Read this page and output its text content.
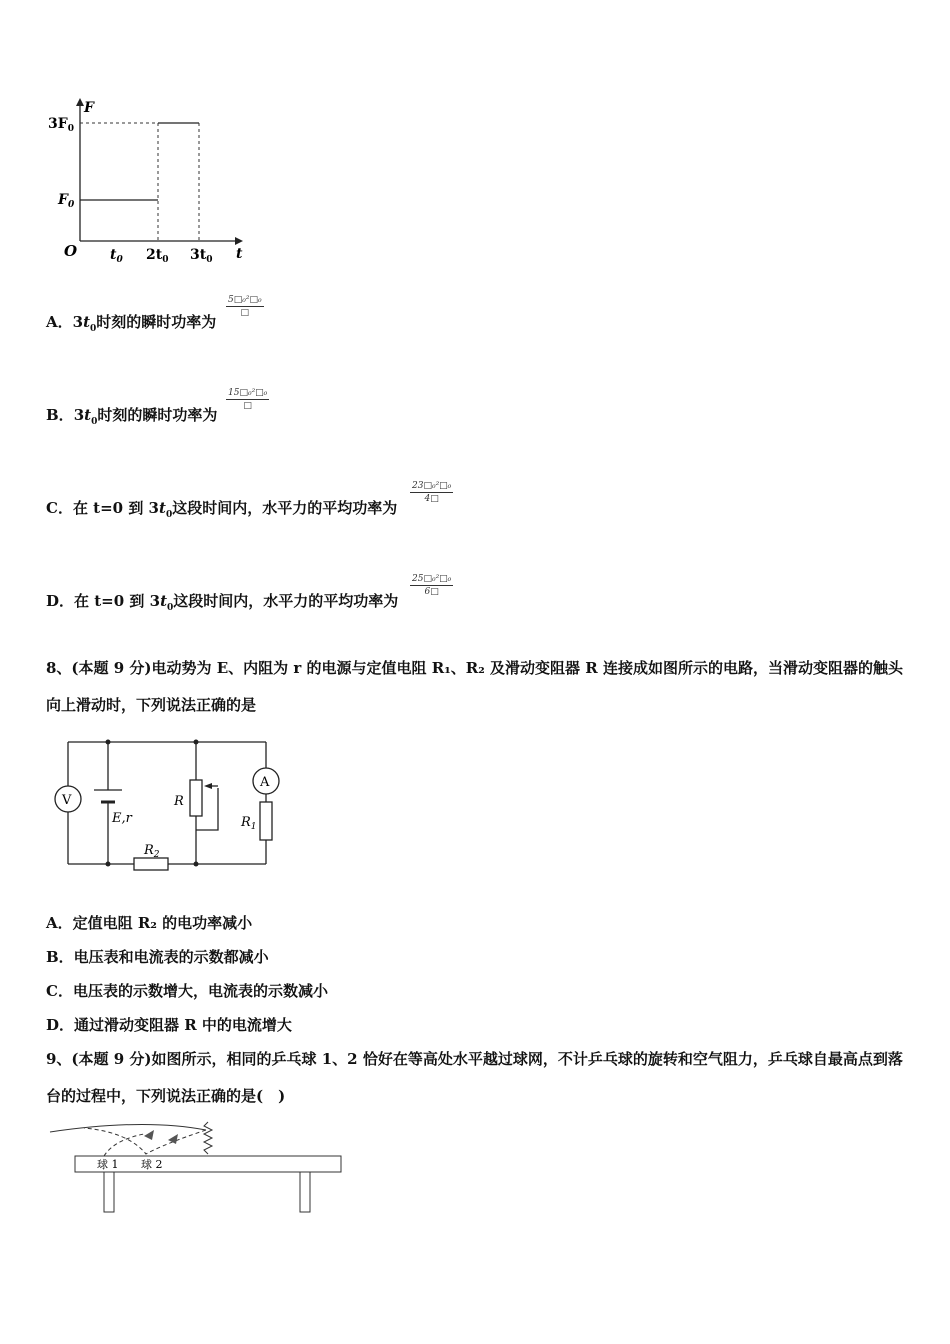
F
t
O
$3F_0$
$F_0$
$t_0$ $2t_0$ $3t_0$
A．$3t_0$时刻的瞬时功率为
5□₀²□₀
□
B．$3t_0$时刻的瞬时功率为
15□₀²□₀
□
C．在 t=0 到 $3t_0$这段时间内，水平力的平均功率为
$\frac{\text{23□₀²□₀}}{4□}$
D．在 t=0 到 $3t_0$这段时间内，水平力的平均功率为
$\frac{\text{25□₀²□₀}}{6□}$
8、(本题 9 分)电动势为 E、内阻为 r 的电源与定值电阻 R₁、R₂ 及滑动变阻器 R 连接成如图所示的电路，当滑动变阻器的触头向上滑动时，下列说法正确的是
V
E,r
R
A
$R_1$
$R_2$
A．定值电阻 R₂ 的电功率减小
B．电压表和电流表的示数都减小
C．电压表的示数增大，电流表的示数减小
D．通过滑动变阻器 R 中的电流增大
9、(本题 9 分)如图所示，相同的乒乓球 1、2 恰好在等高处水平越过球网，不计乒乓球的旋转和空气阻力，乒乓球自最高点到落台的过程中，下列说法正确的是(　)
球 1 球 2
